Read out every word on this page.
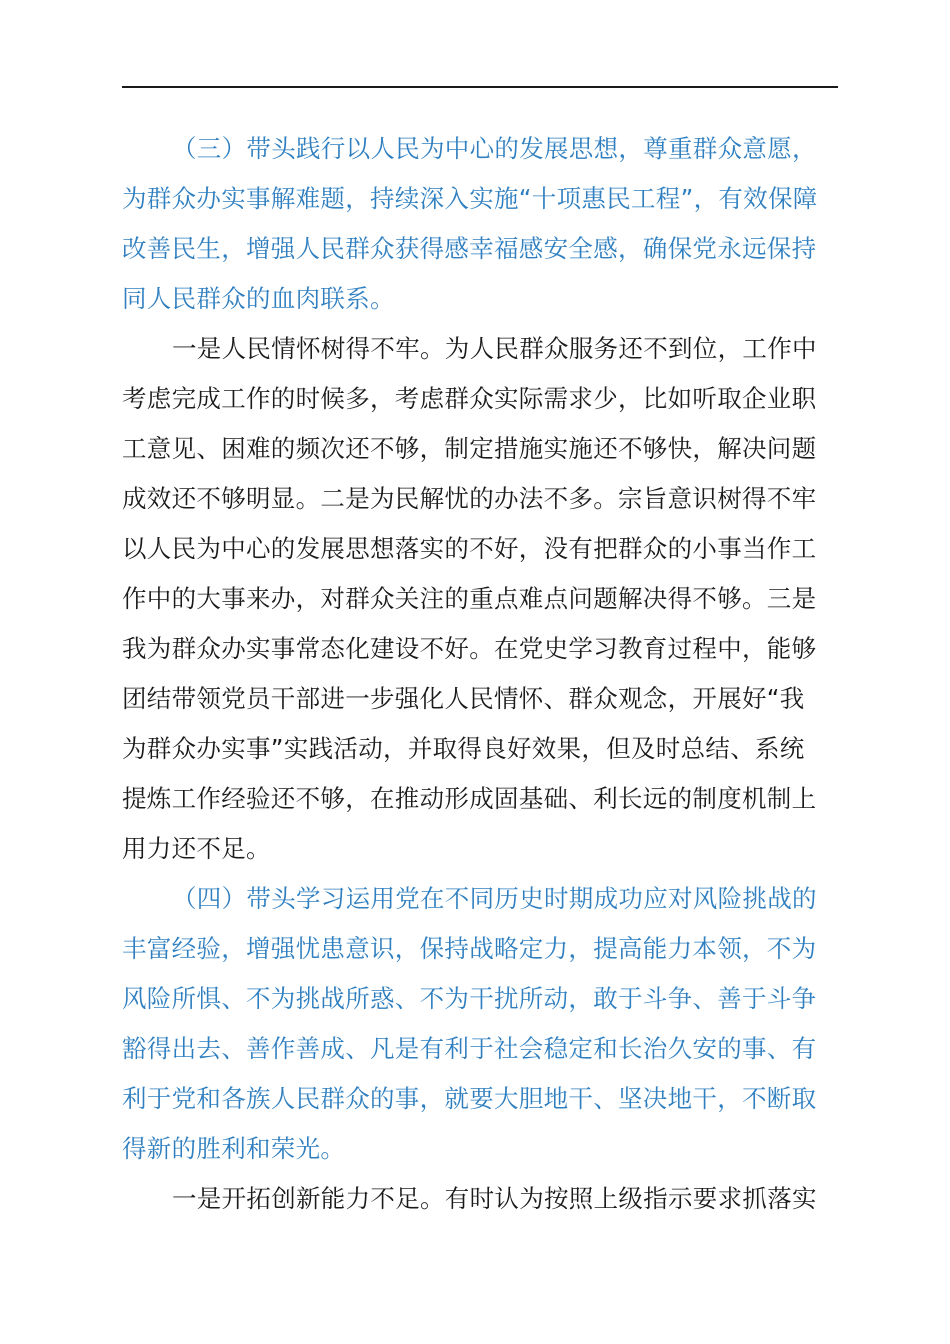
（三）带头践行以人民为中心的发展思想，尊重群众意愿，
为群众办实事解难题，持续深入实施“十项惠民工程”，有效保障
改善民生，增强人民群众获得感幸福感安全感，确保党永远保持
同人民群众的血肉联系。
一是人民情怀树得不牢。为人民群众服务还不到位，工作中
考虑完成工作的时候多，考虑群众实际需求少，比如听取企业职
工意见、困难的频次还不够，制定措施实施还不够快，解决问题
成效还不够明显。二是为民解忧的办法不多。宗旨意识树得不牢
以人民为中心的发展思想落实的不好，没有把群众的小事当作工
作中的大事来办，对群众关注的重点难点问题解决得不够。三是
我为群众办实事常态化建设不好。在党史学习教育过程中，能够
团结带领党员干部进一步强化人民情怀、群众观念，开展好“我
为群众办实事”实践活动，并取得良好效果，但及时总结、系统
提炼工作经验还不够，在推动形成固基础、利长远的制度机制上
用力还不足。
（四）带头学习运用党在不同历史时期成功应对风险挑战的
丰富经验，增强忧患意识，保持战略定力，提高能力本领，不为
风险所惧、不为挑战所惑、不为干扰所动，敢于斗争、善于斗争
豁得出去、善作善成、凡是有利于社会稳定和长治久安的事、有
利于党和各族人民群众的事，就要大胆地干、坚决地干，不断取
得新的胜利和荣光。
一是开拓创新能力不足。有时认为按照上级指示要求抓落实
